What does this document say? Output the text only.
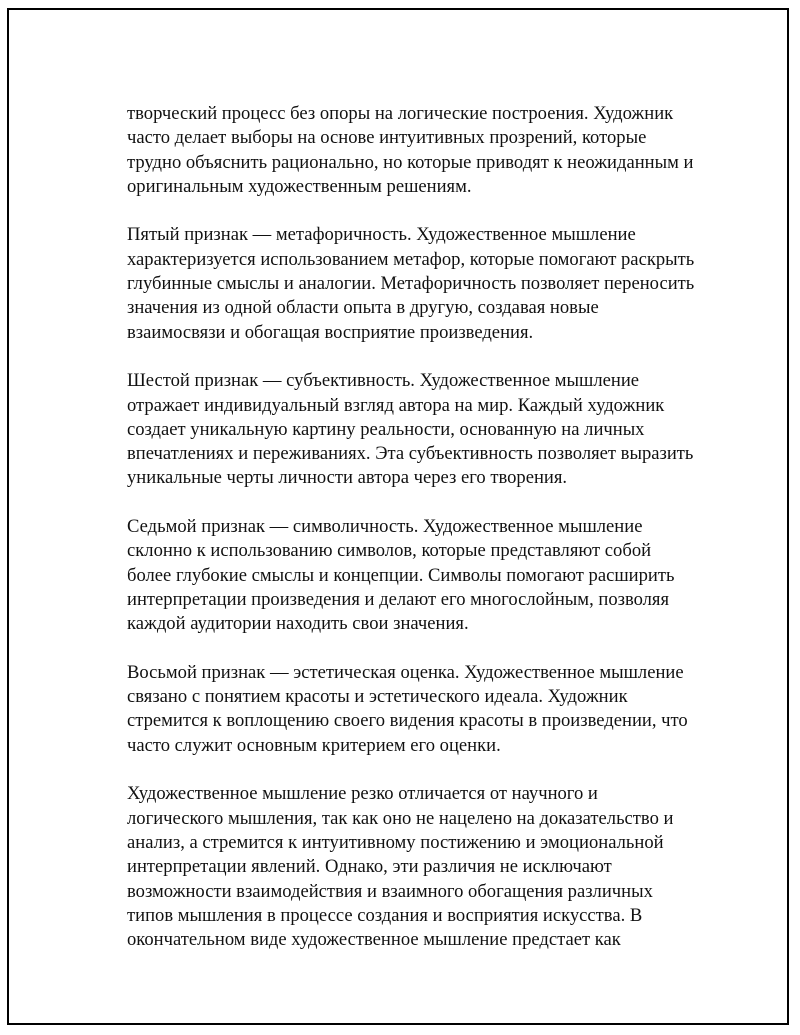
творческий процесс без опоры на логические построения. Художник
часто делает выборы на основе интуитивных прозрений, которые
трудно объяснить рационально, но которые приводят к неожиданным и
оригинальным художественным решениям.

Пятый признак — метафоричность. Художественное мышление
характеризуется использованием метафор, которые помогают раскрыть
глубинные смыслы и аналогии. Метафоричность позволяет переносить
значения из одной области опыта в другую, создавая новые
взаимосвязи и обогащая восприятие произведения.

Шестой признак — субъективность. Художественное мышление
отражает индивидуальный взгляд автора на мир. Каждый художник
создает уникальную картину реальности, основанную на личных
впечатлениях и переживаниях. Эта субъективность позволяет выразить
уникальные черты личности автора через его творения.

Седьмой признак — символичность. Художественное мышление
склонно к использованию символов, которые представляют собой
более глубокие смыслы и концепции. Символы помогают расширить
интерпретации произведения и делают его многослойным, позволяя
каждой аудитории находить свои значения.

Восьмой признак — эстетическая оценка. Художественное мышление
связано с понятием красоты и эстетического идеала. Художник
стремится к воплощению своего видения красоты в произведении, что
часто служит основным критерием его оценки.

Художественное мышление резко отличается от научного и
логического мышления, так как оно не нацелено на доказательство и
анализ, а стремится к интуитивному постижению и эмоциональной
интерпретации явлений. Однако, эти различия не исключают
возможности взаимодействия и взаимного обогащения различных
типов мышления в процессе создания и восприятия искусства. В
окончательном виде художественное мышление предстает как
